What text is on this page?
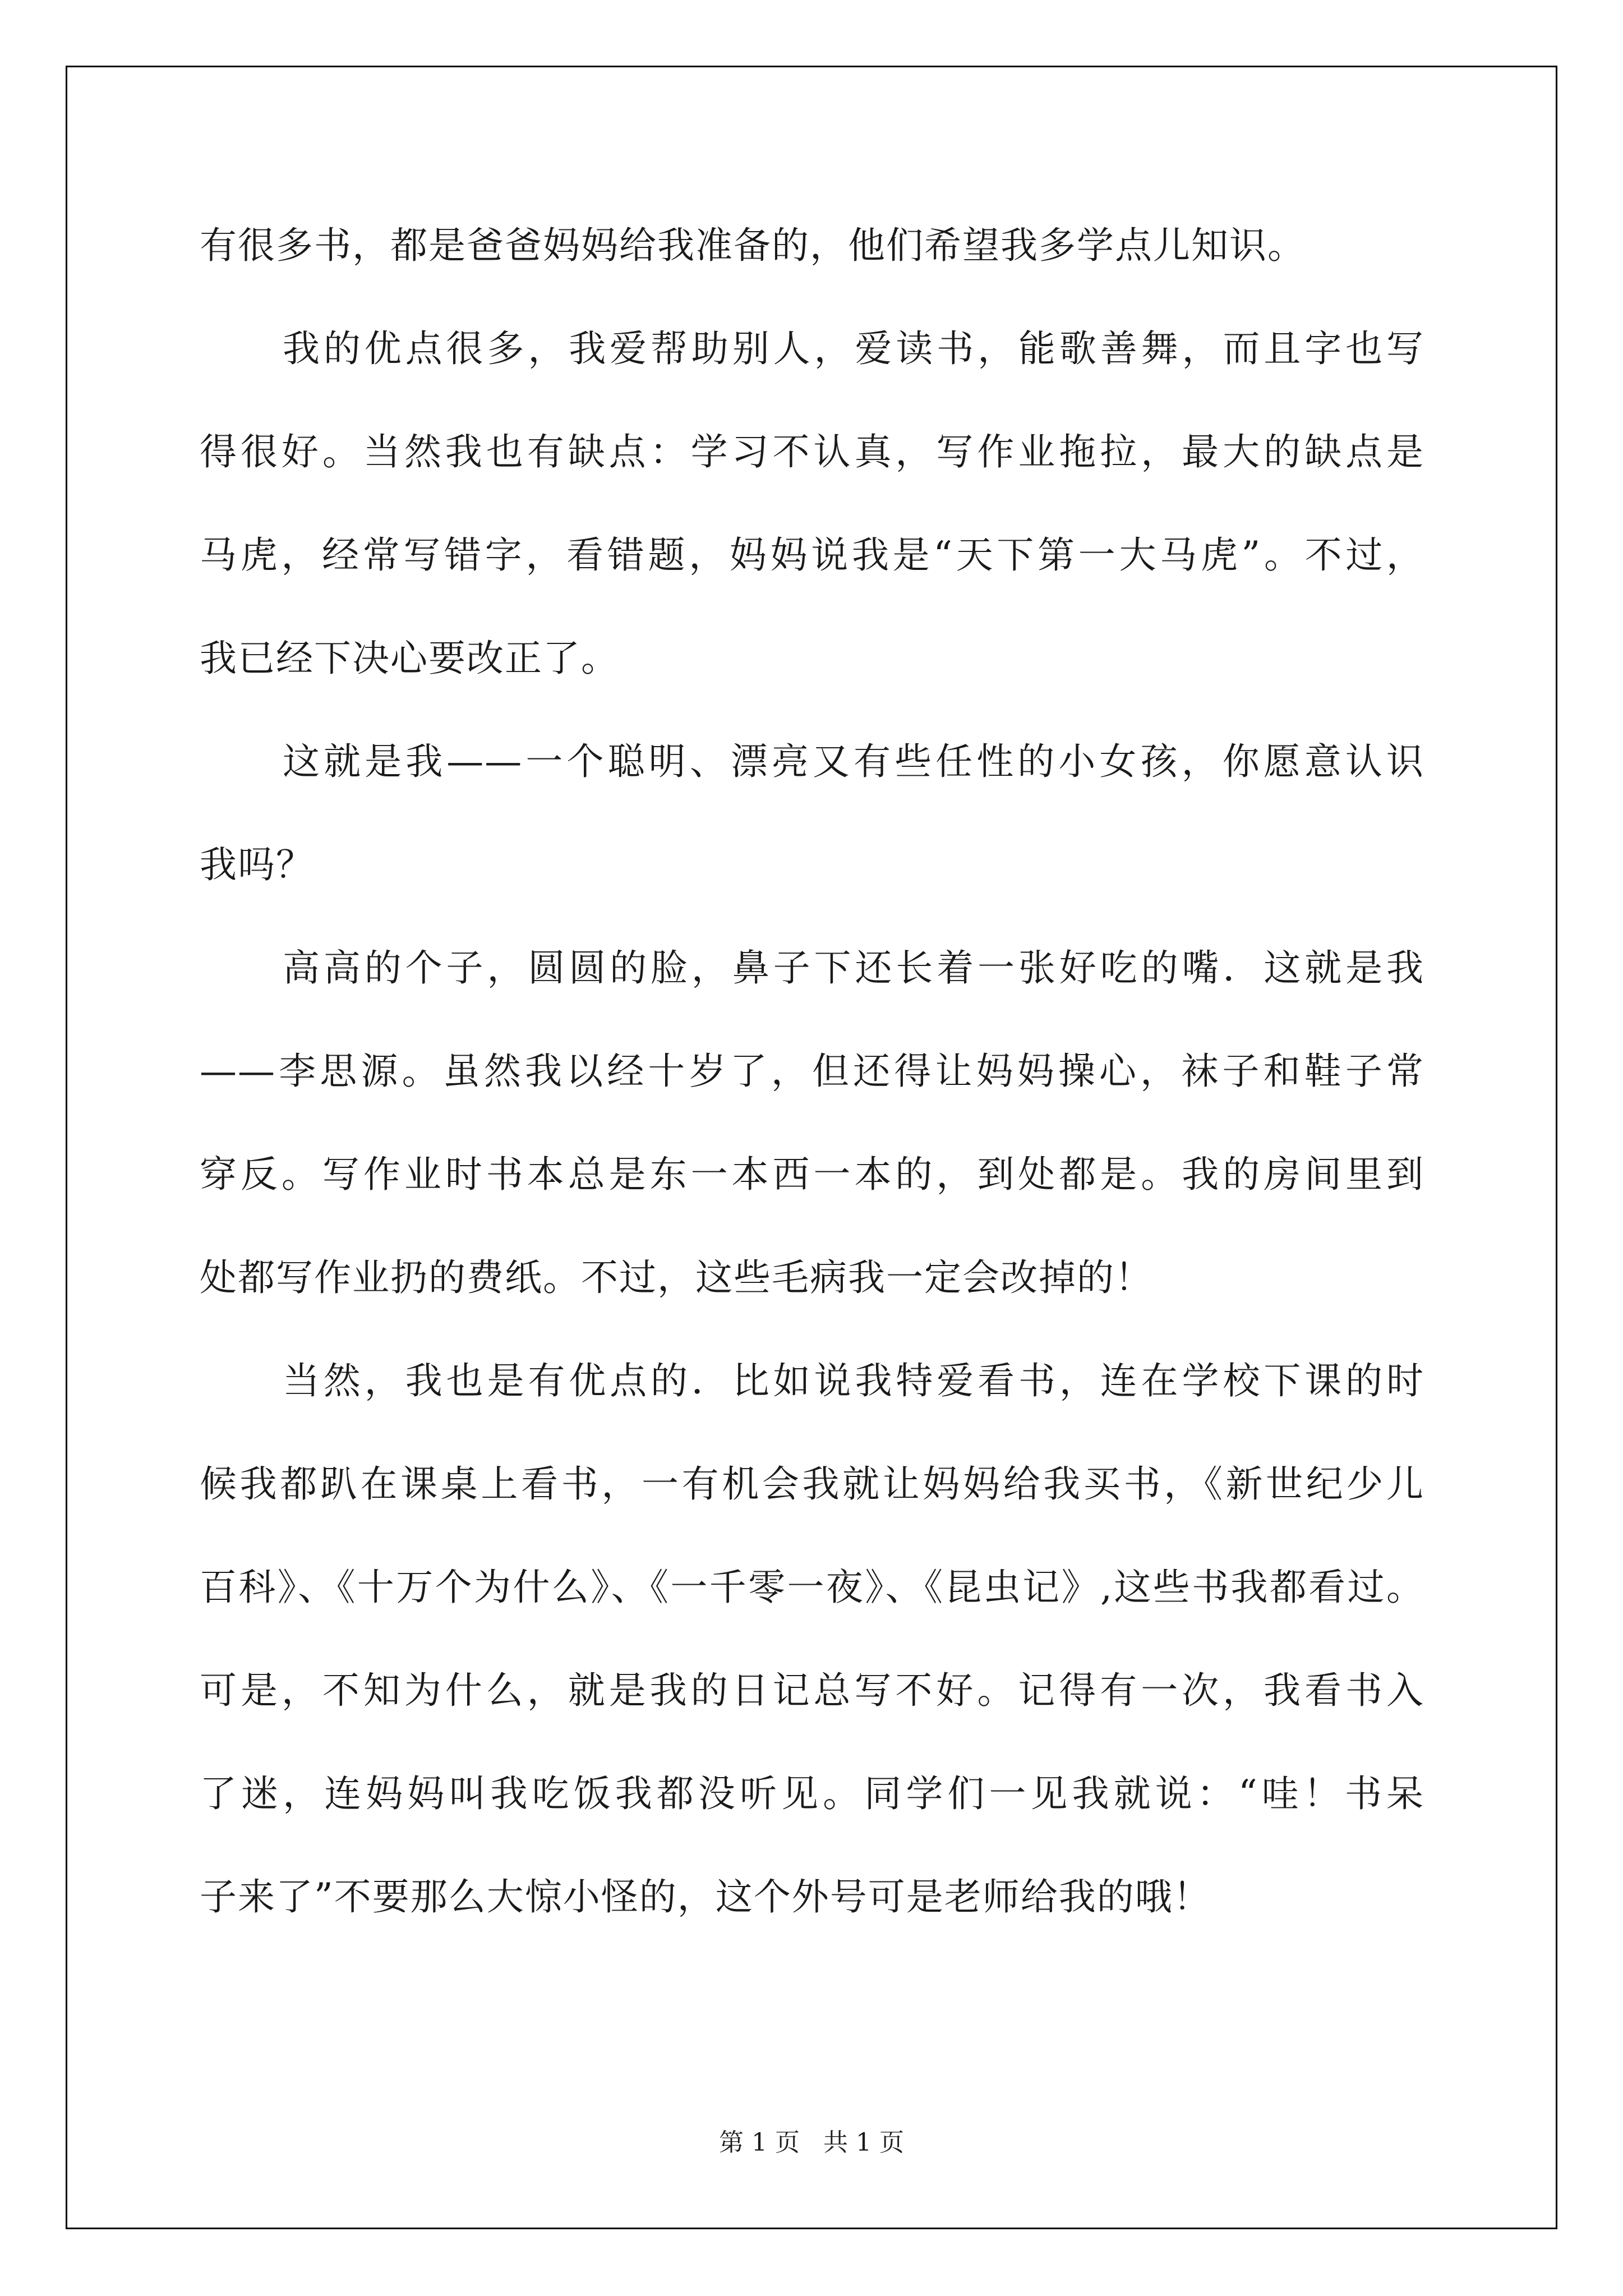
有很多书，都是爸爸妈妈给我准备的，他们希望我多学点儿知识。
我的优点很多，我爱帮助别人，爱读书，能歌善舞，而且字也写
得很好。当然我也有缺点：学习不认真，写作业拖拉，最大的缺点是
马虎，经常写错字，看错题，妈妈说我是“天下第一大马虎”。不过，
我已经下决心要改正了。
这就是我——一个聪明、漂亮又有些任性的小女孩，你愿意认识
我吗？
高高的个子，圆圆的脸，鼻子下还长着一张好吃的嘴．这就是我
——李思源。虽然我以经十岁了，但还得让妈妈操心，袜子和鞋子常
穿反。写作业时书本总是东一本西一本的，到处都是。我的房间里到
处都写作业扔的费纸。不过，这些毛病我一定会改掉的！
当然，我也是有优点的．比如说我特爱看书，连在学校下课的时
候我都趴在课桌上看书，一有机会我就让妈妈给我买书，《新世纪少儿
百科》、《十万个为什么》、《一千零一夜》、《昆虫记》,这些书我都看过。
可是，不知为什么，就是我的日记总写不好。记得有一次，我看书入
了迷，连妈妈叫我吃饭我都没听见。同学们一见我就说：“哇！书呆
子来了”不要那么大惊小怪的，这个外号可是老师给我的哦！
第 1 页   共 1 页
